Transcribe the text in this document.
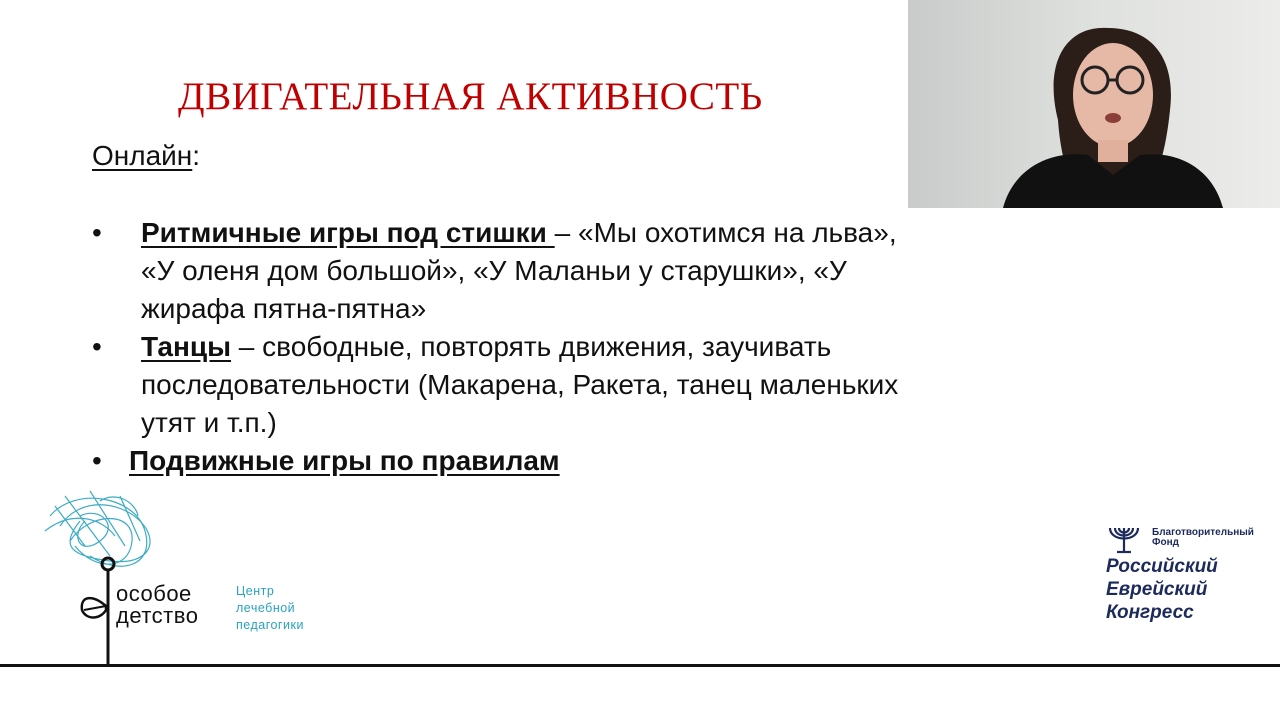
ДВИГАТЕЛЬНАЯ АКТИВНОСТЬ
Онлайн:
•	Ритмичные игры под стишки – «Мы охотимся на льва»,
«У оленя дом большой», «У Маланьи у старушки», «У
жирафа пятна-пятна»
•	Танцы – свободные, повторять движения, заучивать
последовательности (Макарена, Ракета, танец маленьких
утят и т.п.)
• Подвижные игры по правилам
особое
детство
Центр
лечебной
педагогики
Благотворительный
Фонд
Российский
Еврейский
Конгресс
